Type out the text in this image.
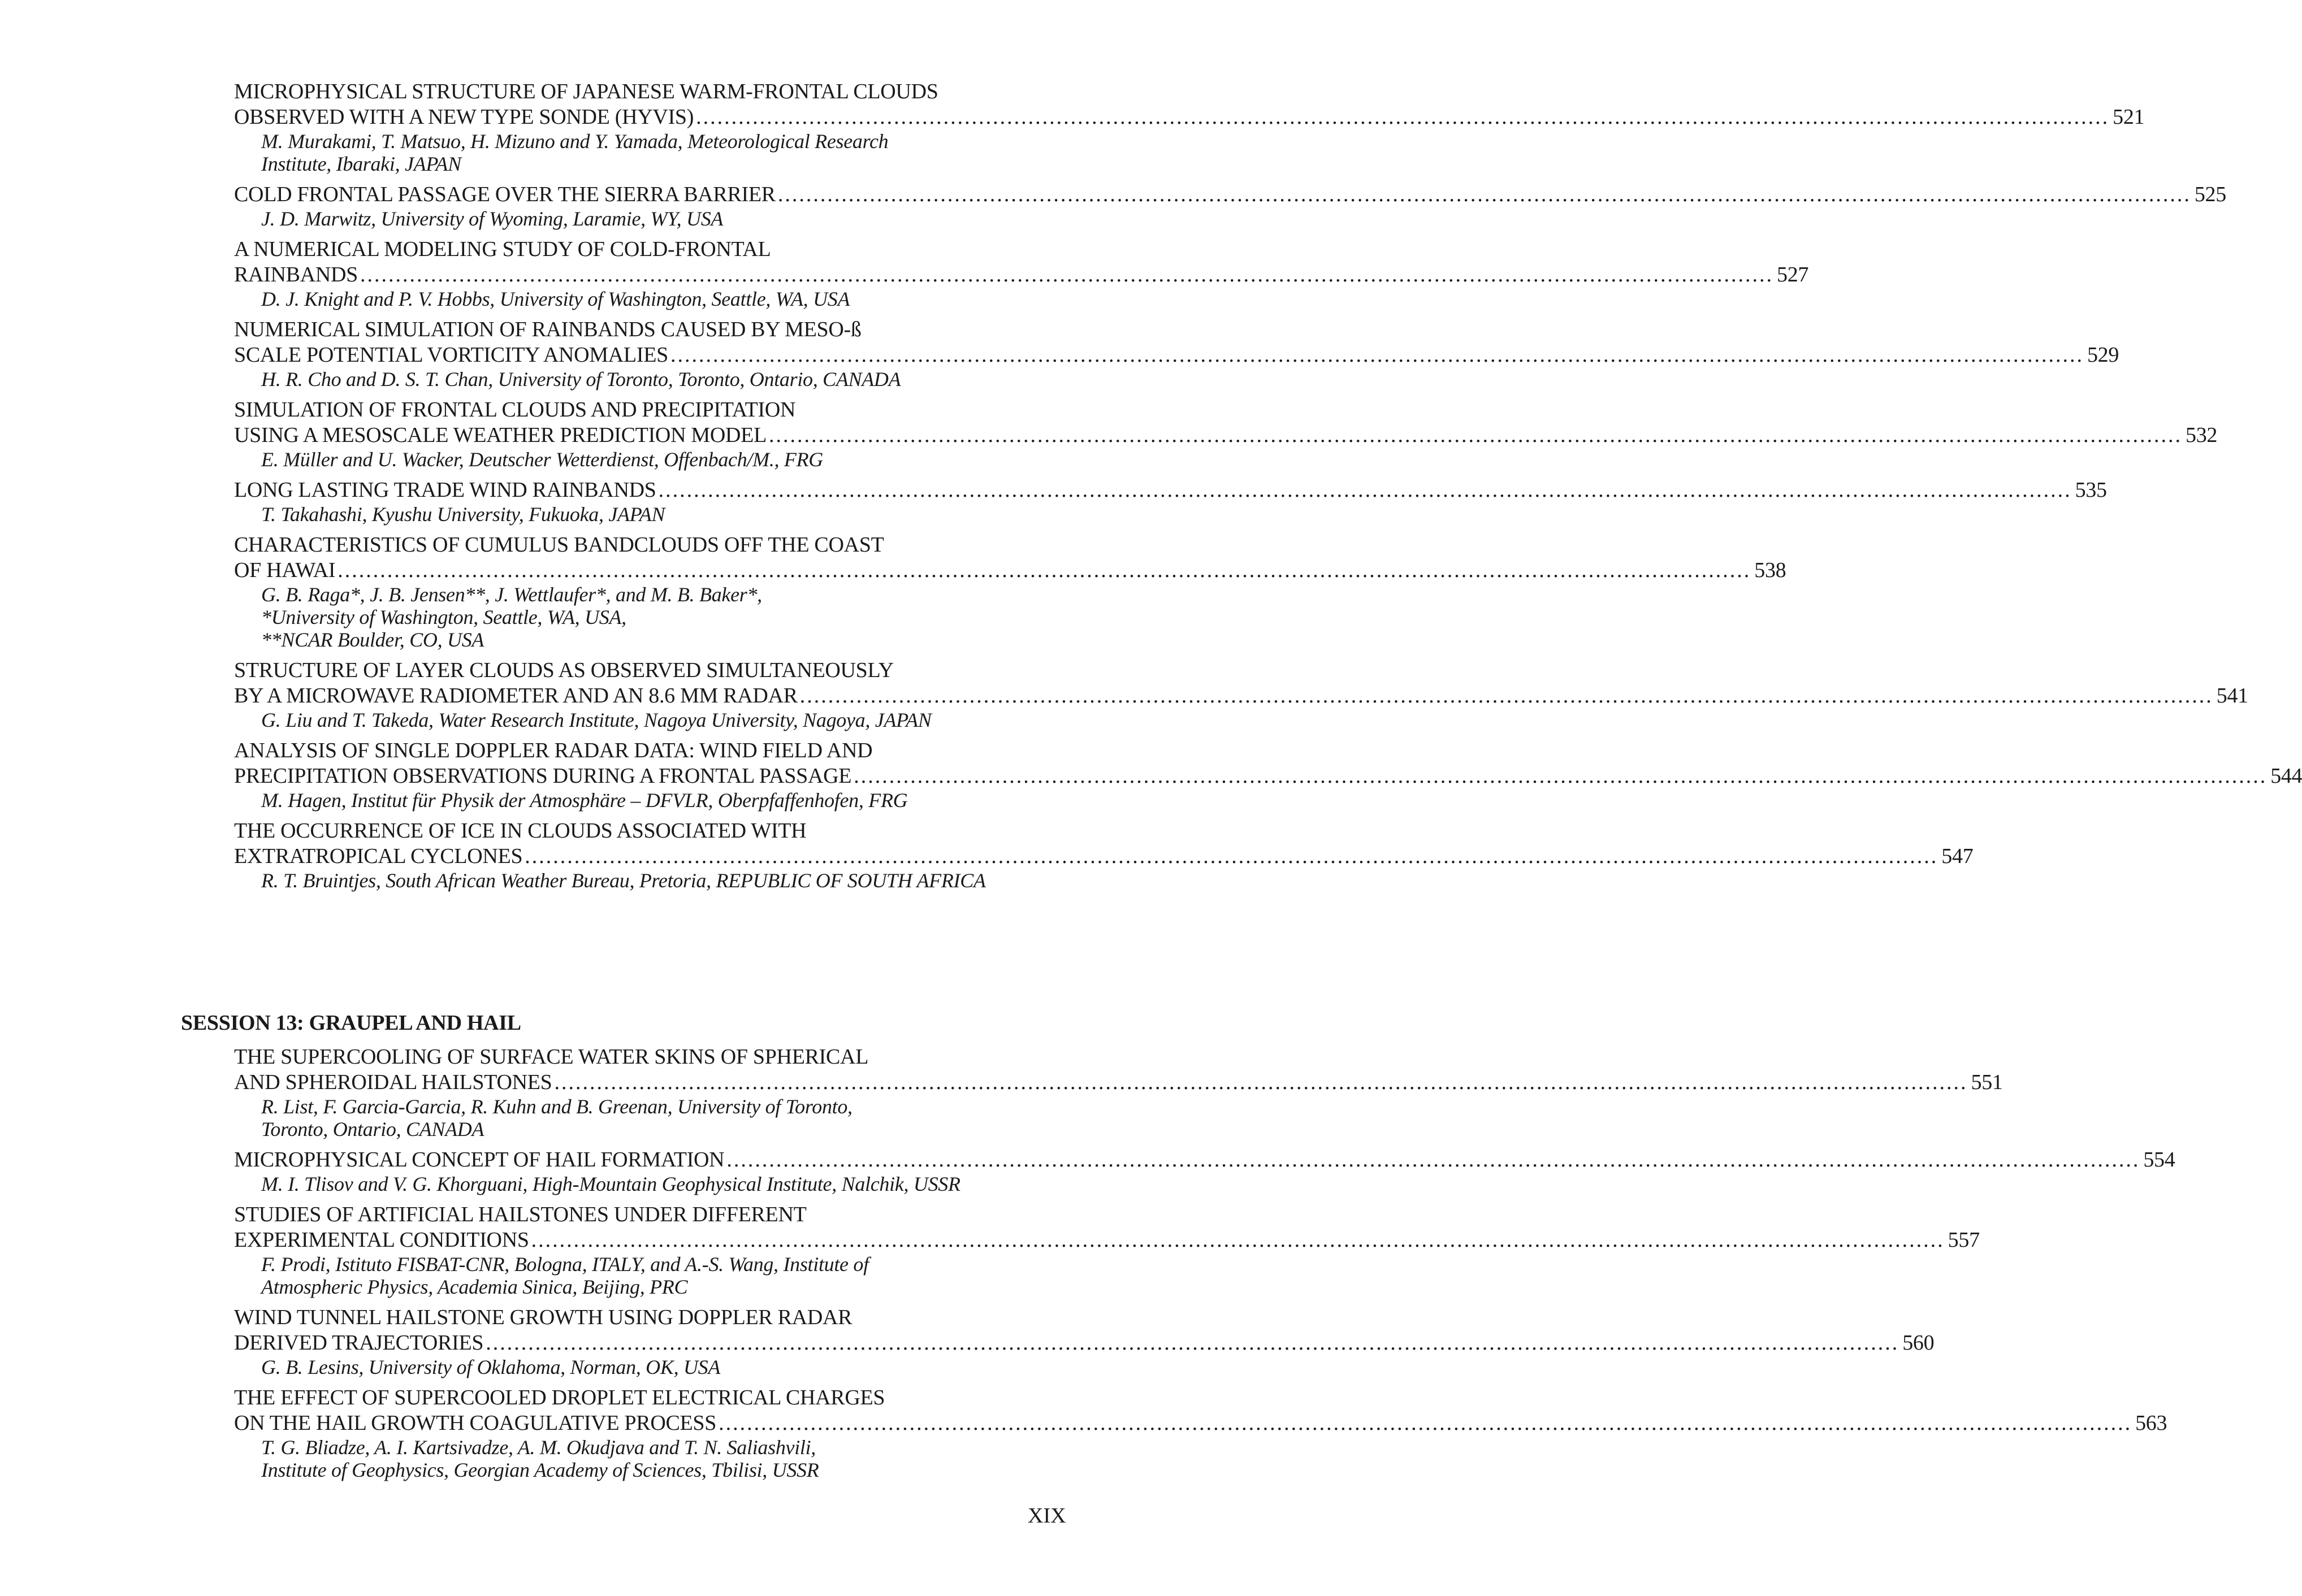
MICROPHYSICAL STRUCTURE OF JAPANESE WARM-FRONTAL CLOUDS
OBSERVED WITH A NEW TYPE SONDE (HYVIS) ........................................................................................................................................................................................................ 521
M. Murakami, T. Matsuo, H. Mizuno and Y. Yamada, Meteorological Research
Institute, Ibaraki, JAPAN
COLD FRONTAL PASSAGE OVER THE SIERRA BARRIER ........................................................................................................................................................................................................ 525
J. D. Marwitz, University of Wyoming, Laramie, WY, USA
A NUMERICAL MODELING STUDY OF COLD-FRONTAL
RAINBANDS ........................................................................................................................................................................................................ 527
D. J. Knight and P. V. Hobbs, University of Washington, Seattle, WA, USA
NUMERICAL SIMULATION OF RAINBANDS CAUSED BY MESO-ß
SCALE POTENTIAL VORTICITY ANOMALIES ........................................................................................................................................................................................................ 529
H. R. Cho and D. S. T. Chan, University of Toronto, Toronto, Ontario, CANADA
SIMULATION OF FRONTAL CLOUDS AND PRECIPITATION
USING A MESOSCALE WEATHER PREDICTION MODEL ........................................................................................................................................................................................................ 532
E. Müller and U. Wacker, Deutscher Wetterdienst, Offenbach/M., FRG
LONG LASTING TRADE WIND RAINBANDS ........................................................................................................................................................................................................ 535
T. Takahashi, Kyushu University, Fukuoka, JAPAN
CHARACTERISTICS OF CUMULUS BANDCLOUDS OFF THE COAST
OF HAWAI ........................................................................................................................................................................................................ 538
G. B. Raga*, J. B. Jensen**, J. Wettlaufer*, and M. B. Baker*,
*University of Washington, Seattle, WA, USA,
**NCAR Boulder, CO, USA
STRUCTURE OF LAYER CLOUDS AS OBSERVED SIMULTANEOUSLY
BY A MICROWAVE RADIOMETER AND AN 8.6 MM RADAR ........................................................................................................................................................................................................ 541
G. Liu and T. Takeda, Water Research Institute, Nagoya University, Nagoya, JAPAN
ANALYSIS OF SINGLE DOPPLER RADAR DATA: WIND FIELD AND
PRECIPITATION OBSERVATIONS DURING A FRONTAL PASSAGE ........................................................................................................................................................................................................ 544
M. Hagen, Institut für Physik der Atmosphäre – DFVLR, Oberpfaffenhofen, FRG
THE OCCURRENCE OF ICE IN CLOUDS ASSOCIATED WITH
EXTRATROPICAL CYCLONES ........................................................................................................................................................................................................ 547
R. T. Bruintjes, South African Weather Bureau, Pretoria, REPUBLIC OF SOUTH AFRICA
SESSION 13: GRAUPEL AND HAIL
THE SUPERCOOLING OF SURFACE WATER SKINS OF SPHERICAL
AND SPHEROIDAL HAILSTONES ........................................................................................................................................................................................................ 551
R. List, F. Garcia-Garcia, R. Kuhn and B. Greenan, University of Toronto,
Toronto, Ontario, CANADA
MICROPHYSICAL CONCEPT OF HAIL FORMATION ........................................................................................................................................................................................................ 554
M. I. Tlisov and V. G. Khorguani, High-Mountain Geophysical Institute, Nalchik, USSR
STUDIES OF ARTIFICIAL HAILSTONES UNDER DIFFERENT
EXPERIMENTAL CONDITIONS ........................................................................................................................................................................................................ 557
F. Prodi, Istituto FISBAT-CNR, Bologna, ITALY, and A.-S. Wang, Institute of
Atmospheric Physics, Academia Sinica, Beijing, PRC
WIND TUNNEL HAILSTONE GROWTH USING DOPPLER RADAR
DERIVED TRAJECTORIES ........................................................................................................................................................................................................ 560
G. B. Lesins, University of Oklahoma, Norman, OK, USA
THE EFFECT OF SUPERCOOLED DROPLET ELECTRICAL CHARGES
ON THE HAIL GROWTH COAGULATIVE PROCESS ........................................................................................................................................................................................................ 563
T. G. Bliadze, A. I. Kartsivadze, A. M. Okudjava and T. N. Saliashvili,
Institute of Geophysics, Georgian Academy of Sciences, Tbilisi, USSR
XIX
